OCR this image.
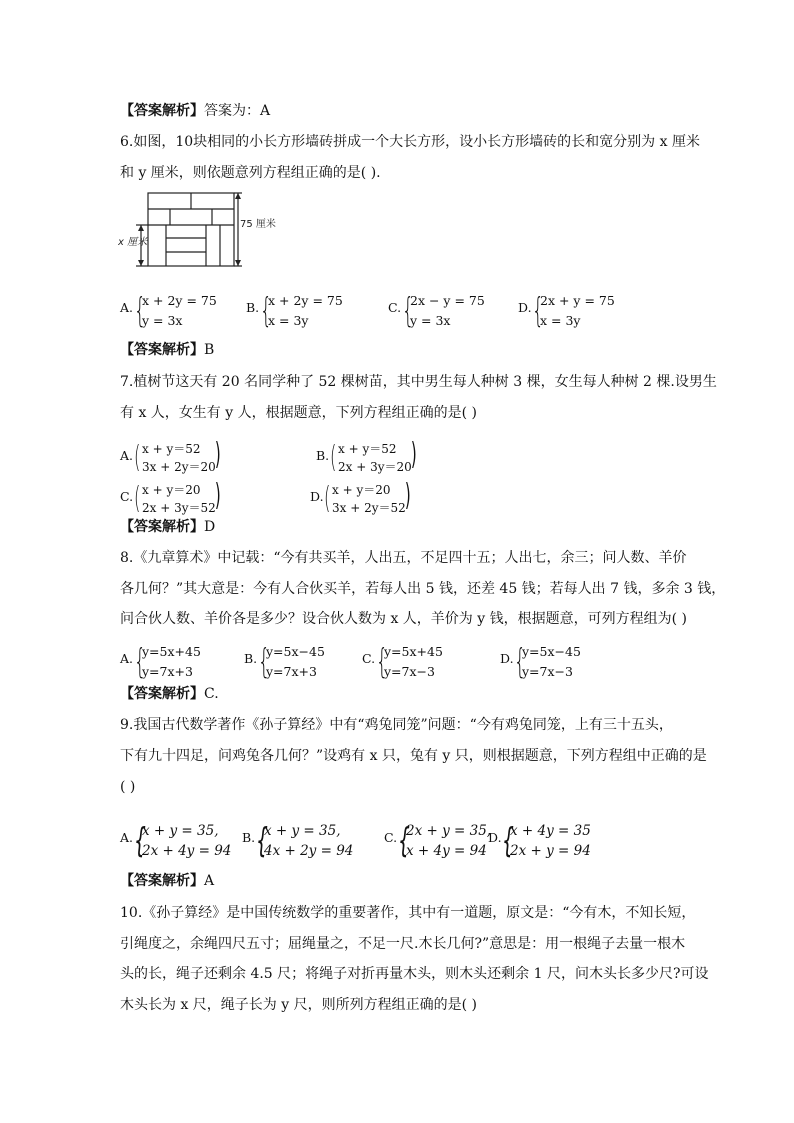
【答案解析】答案为：A
6.如图，10块相同的小长方形墙砖拼成一个大长方形，设小长方形墙砖的长和宽分别为 x 厘米
和 y 厘米，则依题意列方程组正确的是( ).
75 厘米
x 厘米
A. {
x + 2y = 75
y = 3x
B. {
x + 2y = 75
x = 3y
C. {
2x − y = 75
y = 3x
D. {
2x + y = 75
x = 3y
【答案解析】B
7.植树节这天有 20 名同学种了 52 棵树苗，其中男生每人种树 3 棵，女生每人种树 2 棵.设男生
有 x 人，女生有 y 人，根据题意，下列方程组正确的是( )
A. ( x + y＝52
3x + 2y＝20 )	B. ( x + y＝52
2x + 3y＝20 )
C. ( x + y＝20
2x + 3y＝52 )	D. ( x + y＝20
3x + 2y＝52 )
【答案解析】D
8.《九章算术》中记载：“今有共买羊，人出五，不足四十五；人出七，余三；问人数、羊价
各几何？”其大意是：今有人合伙买羊，若每人出 5 钱，还差 45 钱；若每人出 7 钱，多余 3 钱，
问合伙人数、羊价各是多少？设合伙人数为 x 人，羊价为 y 钱，根据题意，可列方程组为( )
A. {
y=5x+45
y=7x+3
B. {
y=5x−45
y=7x+3
C. {
y=5x+45
y=7x−3
D. {
y=5x−45
y=7x−3
【答案解析】C.
9.我国古代数学著作《孙子算经》中有“鸡兔同笼”问题：“今有鸡兔同笼，上有三十五头，
下有九十四足，问鸡兔各几何？”设鸡有 x 只，兔有 y 只，则根据题意，下列方程组中正确的是
( )
A. {
x + y = 35,
2x + 4y = 94
B. {
x + y = 35,
4x + 2y = 94
C. {
2x + y = 35,
x + 4y = 94
D. {
x + 4y = 35
2x + y = 94
【答案解析】A
10.《孙子算经》是中国传统数学的重要著作，其中有一道题，原文是：“今有木，不知长短，
引绳度之，余绳四尺五寸；屈绳量之，不足一尺.木长几何?”意思是：用一根绳子去量一根木
头的长，绳子还剩余 4.5 尺；将绳子对折再量木头，则木头还剩余 1 尺，问木头长多少尺?可设
木头长为 x 尺，绳子长为 y 尺，则所列方程组正确的是( )
